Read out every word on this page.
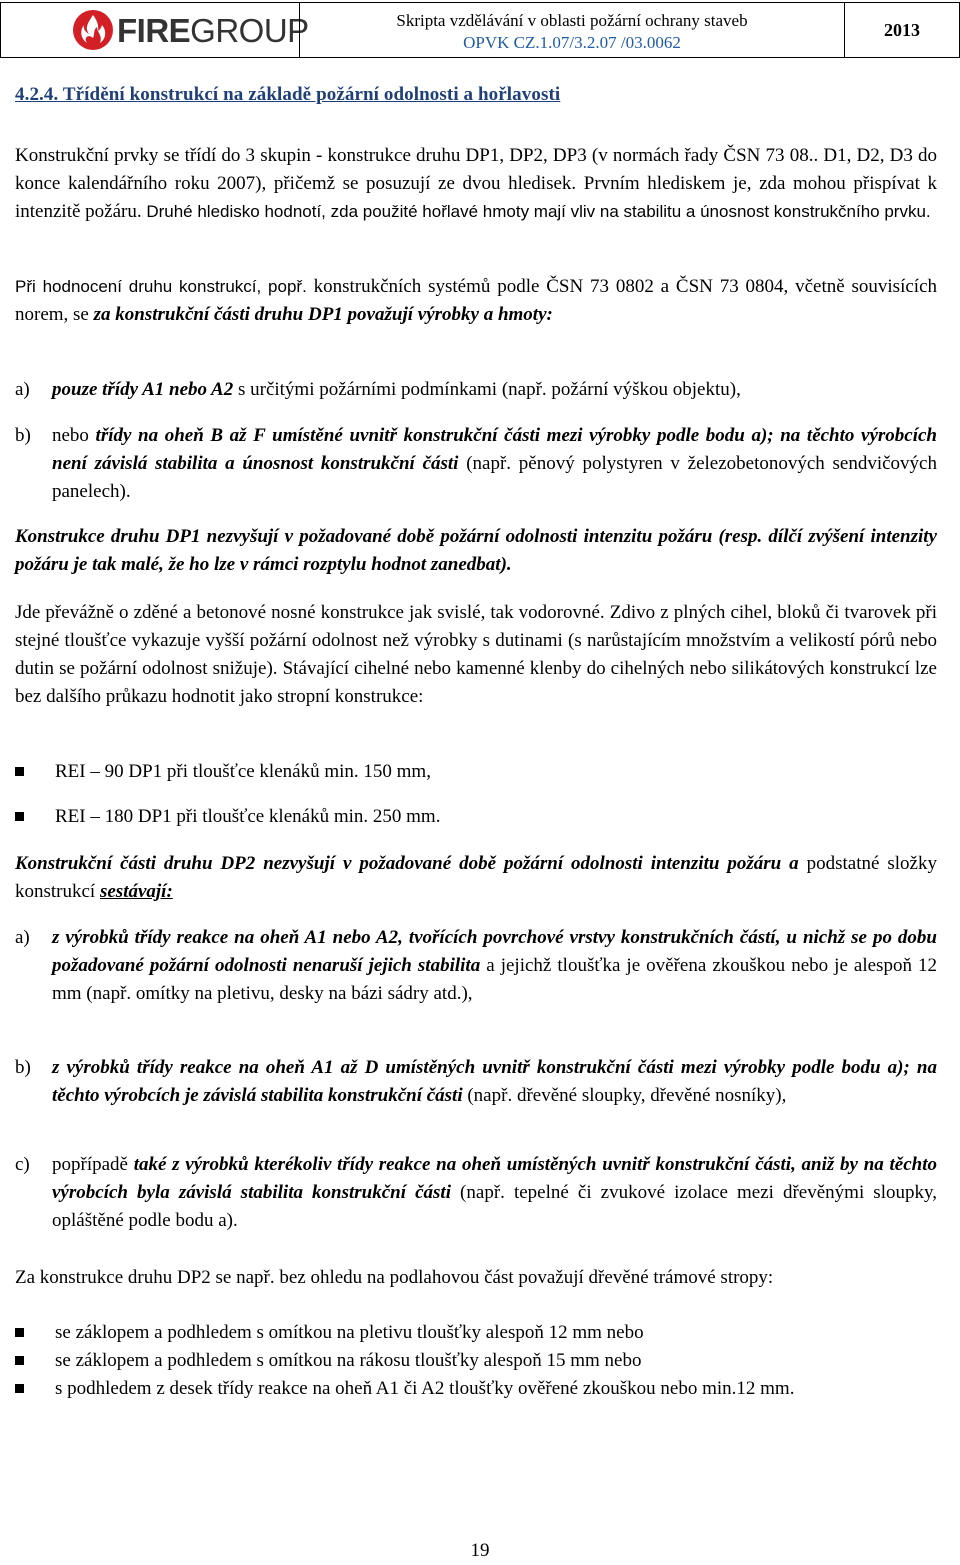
FIREGROUP	Skripta vzdělávání v oblasti požární ochrany staveb
OPVK CZ.1.07/3.2.07 /03.0062
2013
4.2.4. Třídění konstrukcí na základě požární odolnosti a hořlavosti

Konstrukční prvky se třídí do 3 skupin - konstrukce druhu DP1, DP2, DP3 (v normách řady ČSN 73 08.. D1, D2, D3 do konce kalendářního roku 2007), přičemž se posuzují ze dvou hledisek. Prvním hlediskem je, zda mohou přispívat k intenzitě požáru. Druhé hledisko hodnotí, zda použité hořlavé hmoty mají vliv na stabilitu a únosnost konstrukčního prvku.

Při hodnocení druhu konstrukcí, popř. konstrukčních systémů podle ČSN 73 0802 a ČSN 73 0804, včetně souvisících norem, se za konstrukční části druhu DP1 považují výrobky a hmoty:

a) pouze třídy A1 nebo A2 s určitými požárními podmínkami (např. požární výškou objektu),
b) nebo třídy na oheň B až F umístěné uvnitř konstrukční části mezi výrobky podle bodu a); na těchto výrobcích není závislá stabilita a únosnost konstrukční části (např. pěnový polystyren v železobetonových sendvičových panelech).

Konstrukce druhu DP1 nezvyšují v požadované době požární odolnosti intenzitu požáru (resp. dílčí zvýšení intenzity požáru je tak malé, že ho lze v rámci rozptylu hodnot zanedbat).

Jde převážně o zděné a betonové nosné konstrukce jak svislé, tak vodorovné. Zdivo z plných cihel, bloků či tvarovek při stejné tloušťce vykazuje vyšší požární odolnost než výrobky s dutinami (s narůstajícím množstvím a velikostí pórů nebo dutin se požární odolnost snižuje). Stávající cihelné nebo kamenné klenby do cihelných nebo silikátových konstrukcí lze bez dalšího průkazu hodnotit jako stropní konstrukce:

REI – 90 DP1 při tloušťce klenáků min. 150 mm,
REI – 180 DP1 při tloušťce klenáků min. 250 mm.

Konstrukční části druhu DP2 nezvyšují v požadované době požární odolnosti intenzitu požáru a podstatné složky konstrukcí sestávají:

a) z výrobků třídy reakce na oheň A1 nebo A2, tvořících povrchové vrstvy konstrukčních částí, u nichž se po dobu požadované požární odolnosti nenaruší jejich stabilita a jejichž tloušťka je ověřena zkouškou nebo je alespoň 12 mm (např. omítky na pletivu, desky na bázi sádry atd.),
b) z výrobků třídy reakce na oheň A1 až D umístěných uvnitř konstrukční části mezi výrobky podle bodu a); na těchto výrobcích je závislá stabilita konstrukční části (např. dřevěné sloupky, dřevěné nosníky),
c) popřípadě také z výrobků kterékoliv třídy reakce na oheň umístěných uvnitř konstrukční části, aniž by na těchto výrobcích byla závislá stabilita konstrukční části (např. tepelné či zvukové izolace mezi dřevěnými sloupky, opláštěné podle bodu a).

Za konstrukce druhu DP2 se např. bez ohledu na podlahovou část považují dřevěné trámové stropy:

se záklopem a podhledem s omítkou na pletivu tloušťky alespoň 12 mm nebo
se záklopem a podhledem s omítkou na rákosu tloušťky alespoň 15 mm nebo
s podhledem z desek třídy reakce na oheň A1 či A2 tloušťky ověřené zkouškou nebo min.12 mm.
19
